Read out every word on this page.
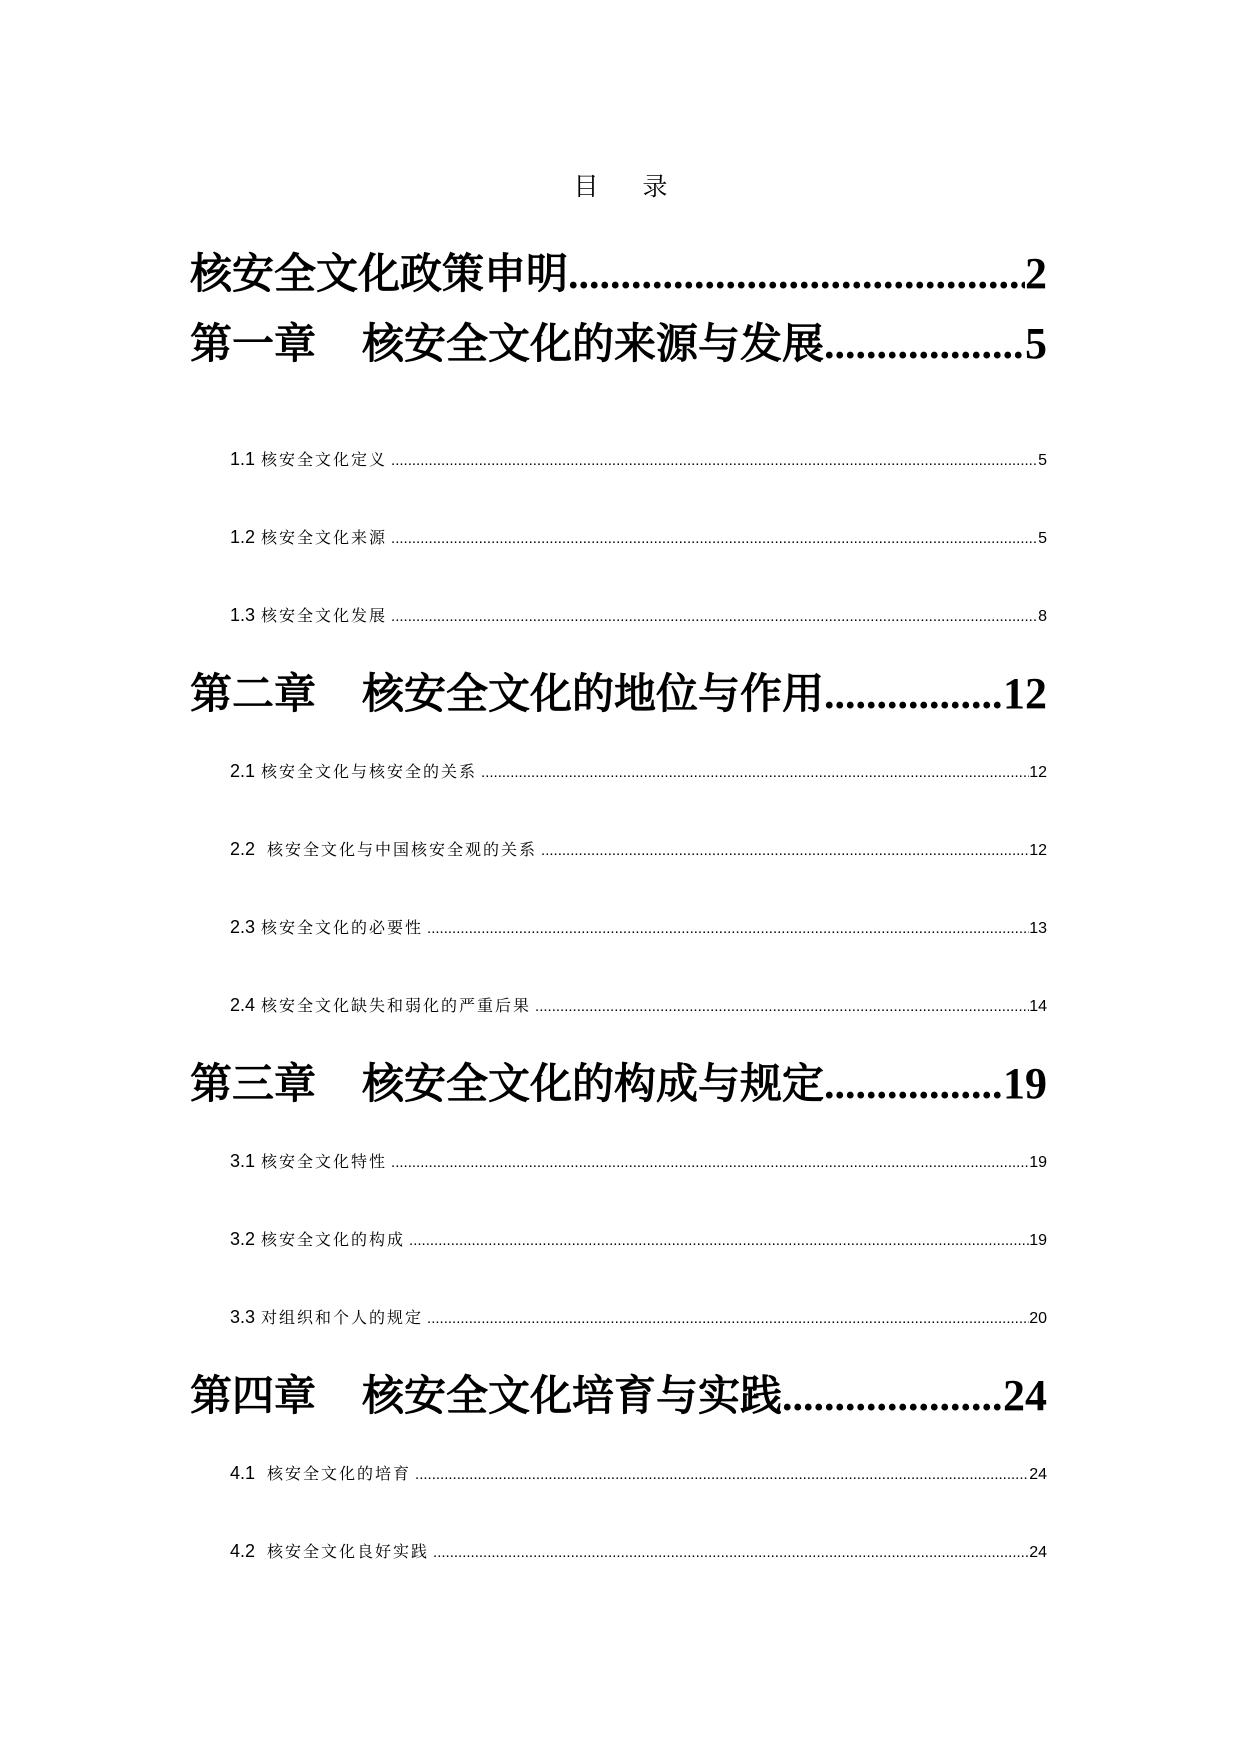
目 录
核安全文化政策申明 .....	2
第一章 核安全文化的来源与发展 .....	5
1.1 核安全文化定义 .....	5
1.2 核安全文化来源 .....	5
1.3 核安全文化发展 .....	8
第二章 核安全文化的地位与作用 .....	12
2.1 核安全文化与核安全的关系 .....	12
2.2 核安全文化与中国核安全观的关系 .....	12
2.3 核安全文化的必要性 .....	13
2.4 核安全文化缺失和弱化的严重后果 .....	14
第三章 核安全文化的构成与规定 .....	19
3.1 核安全文化特性 .....	19
3.2 核安全文化的构成 .....	19
3.3 对组织和个人的规定 .....	20
第四章 核安全文化培育与实践 .....	24
4.1 核安全文化的培育 .....	24
4.2 核安全文化良好实践 .....	24
